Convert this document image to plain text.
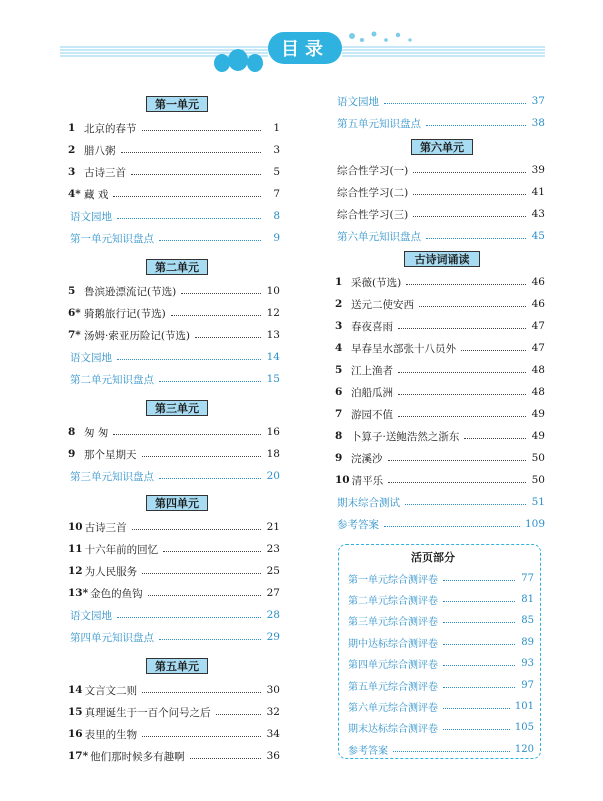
目录
第一单元
1 北京的春节	1
2 腊八粥	3
3 古诗三首	5
4* 藏 戏	7
语文园地	8
第一单元知识盘点	9
第二单元
5 鲁滨逊漂流记(节选)	10
6* 骑鹅旅行记(节选)	12
7* 汤姆·索亚历险记(节选)	13
语文园地	14
第二单元知识盘点	15
第三单元
8 匆 匆	16
9 那个星期天	18
第三单元知识盘点	20
第四单元
10 古诗三首	21
11 十六年前的回忆	23
12 为人民服务	25
13* 金色的鱼钩	27
语文园地	28
第四单元知识盘点	29
第五单元
14 文言文二则	30
15 真理诞生于一百个问号之后	32
16 表里的生物	34
17* 他们那时候多有趣啊	36
语文园地	37
第五单元知识盘点	38
第六单元
综合性学习(一)	39
综合性学习(二)	41
综合性学习(三)	43
第六单元知识盘点	45
古诗词诵读
1 采薇(节选)	46
2 送元二使安西	46
3 春夜喜雨	47
4 早春呈水部张十八员外	47
5 江上渔者	48
6 泊船瓜洲	48
7 游园不值	49
8 卜算子·送鲍浩然之浙东	49
9 浣溪沙	50
10 清平乐	50
期末综合测试	51
参考答案	109
活页部分
第一单元综合测评卷	77
第二单元综合测评卷	81
第三单元综合测评卷	85
期中达标综合测评卷	89
第四单元综合测评卷	93
第五单元综合测评卷	97
第六单元综合测评卷	101
期末达标综合测评卷	105
参考答案	120
